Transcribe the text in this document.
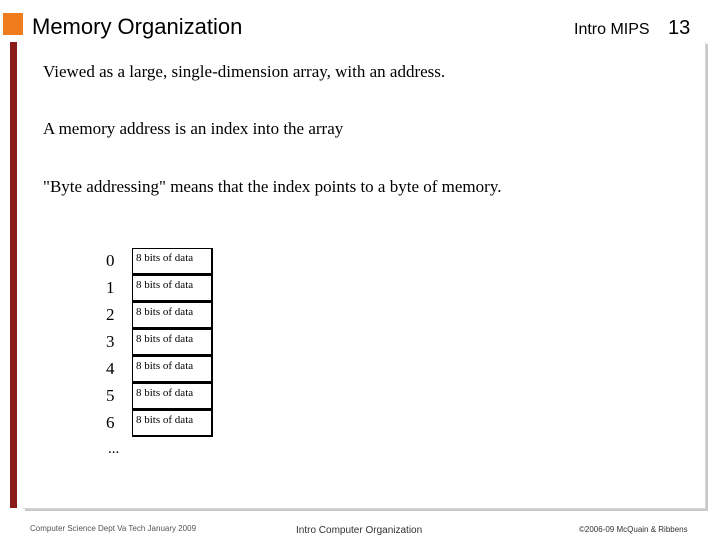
Memory Organization	Intro MIPS 13
Viewed as a large, single-dimension array, with an address.
A memory address is an index into the array
"Byte addressing" means that the index points to a byte of memory.
0	8 bits of data
1	8 bits of data
2	8 bits of data
3	8 bits of data
4	8 bits of data
5	8 bits of data
6	8 bits of data
...
Computer Science Dept Va Tech January 2009	Intro Computer Organization	©2006-09 McQuain & Ribbens
